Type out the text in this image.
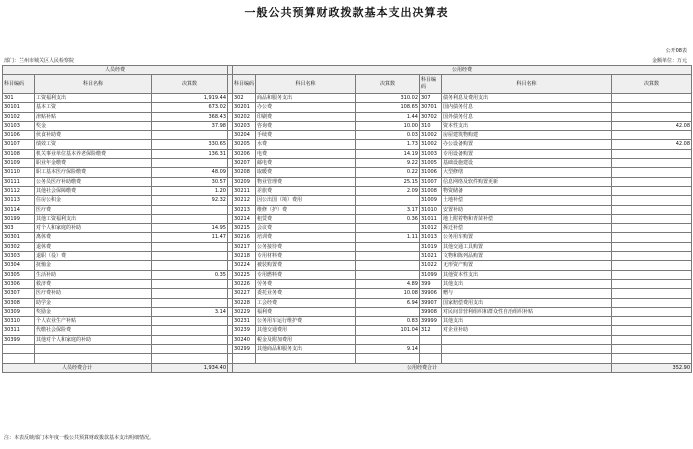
一般公共预算财政拨款基本支出决算表
公开08表
部门：兰州市城关区人民检察院	金额单位：万元
人员经费				公用经费					
科目编码	科目名称	决算数		科目编码	科目名称	决算数	科目编码	科目名称	决算数
301	工资福利支出	1,919.44		302	商品和服务支出	310.02	307	债务利息及费用支出	
30101	基本工资	673.02		30201	办公费	108.65	30701	国内债务付息	
30102	津贴补贴	368.43		30202	印刷费	1.44	30702	国外债务付息	
30103	奖金	37.98		30203	咨询费	10.00	310	资本性支出	42.08
30106	伙食补助费			30204	手续费	0.03	31002	房屋建筑物购建	
30107	绩效工资	330.65		30205	水费	1.73	31002	办公设备购置	42.08
30108	机关事业单位基本养老保险缴费	136.31		30206	电费	14.19	31003	专用设备购置	
30109	职业年金缴费			30207	邮电费	9.22	31005	基础设施建设	
30110	职工基本医疗保险缴费	48.09		30208	取暖费	0.22	31006	大型修缮	
30111	公务员医疗补助缴费	30.57		30209	物业管理费	25.15	31007	信息网络及软件购置更新	
30112	其他社会保障缴费	1.20		30211	差旅费	2.09	31008	物资储备	
30113	住房公积金	92.32		30212	因公出国（境）费用		31009	土地补偿	
30114	医疗费			30213	维修（护）费	3.17	31010	安置补助	
30199	其他工资福利支出			30214	租赁费	0.36	31011	地上附着物和青苗补偿	
303	对个人和家庭的补助	14.95		30215	会议费		31012	拆迁补偿	
30301	离休费	11.47		30216	培训费	1.11	31013	公务用车购置	
30302	退休费			30217	公务接待费		31019	其他交通工具购置	
30303	退职（役）费			30218	专用材料费		31021	文物和陈列品购置	
30304	抚恤金			30224	被装购置费		31022	无形资产购置	
30305	生活补助	0.35		30225	专用燃料费		31099	其他资本性支出	
30306	救济费			30226	劳务费	4.89	399	其他支出	
30307	医疗费补助			30227	委托业务费	10.08	39906	赠与	
30308	助学金			30228	工会经费	6.94	39907	国家赔偿费用支出	
30309	奖励金	3.14		30229	福利费		39908	对民间非营利组织和群众性自治组织补贴	
30310	个人农业生产补贴			30231	公务用车运行维护费	0.83	39999	其他支出	
30311	代缴社会保险费			30239	其他交通费用	101.04	312	对企业补助	
30399	其他对个人和家庭的补助			30240	税金及附加费用				
				30299	其他商品和服务支出	9.14			

人员经费合计		1,934.40		公用经费合计					352.90
注：本表反映部门本年度一般公共预算财政拨款基本支出明细情况。
